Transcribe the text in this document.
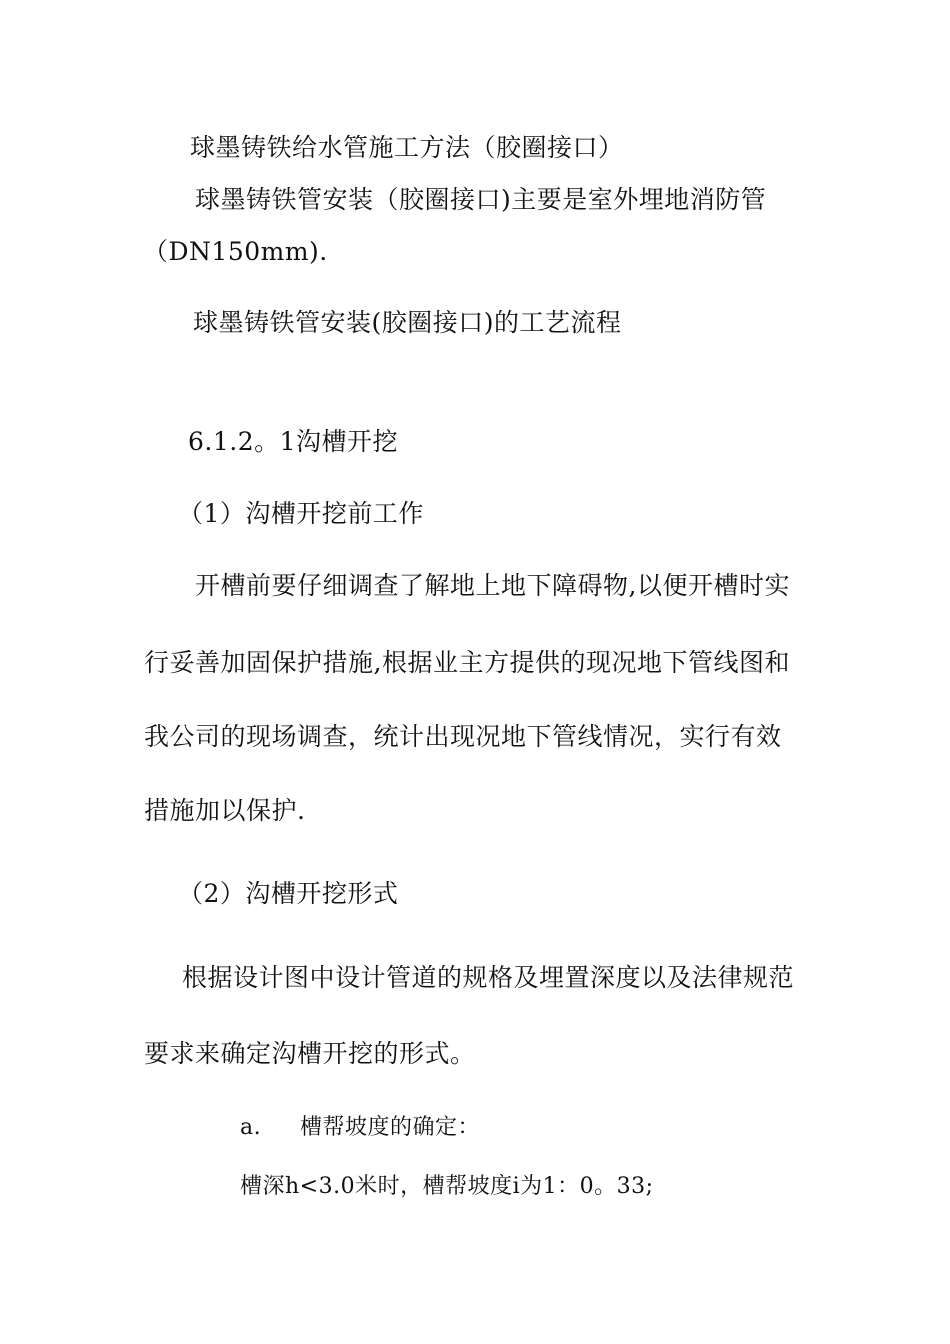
球墨铸铁给水管施工方法（胶圈接口）
球墨铸铁管安装（胶圈接口)主要是室外埋地消防管
（DN150mm).
球墨铸铁管安装(胶圈接口)的工艺流程
6.1.2。1沟槽开挖
（1）沟槽开挖前工作
开槽前要仔细调查了解地上地下障碍物,以便开槽时实
行妥善加固保护措施,根据业主方提供的现况地下管线图和
我公司的现场调查，统计出现况地下管线情况，实行有效
措施加以保护.
（2）沟槽开挖形式
根据设计图中设计管道的规格及埋置深度以及法律规范
要求来确定沟槽开挖的形式。
a. 槽帮坡度的确定：
槽深h<3.0米时，槽帮坡度i为1：0。33;
